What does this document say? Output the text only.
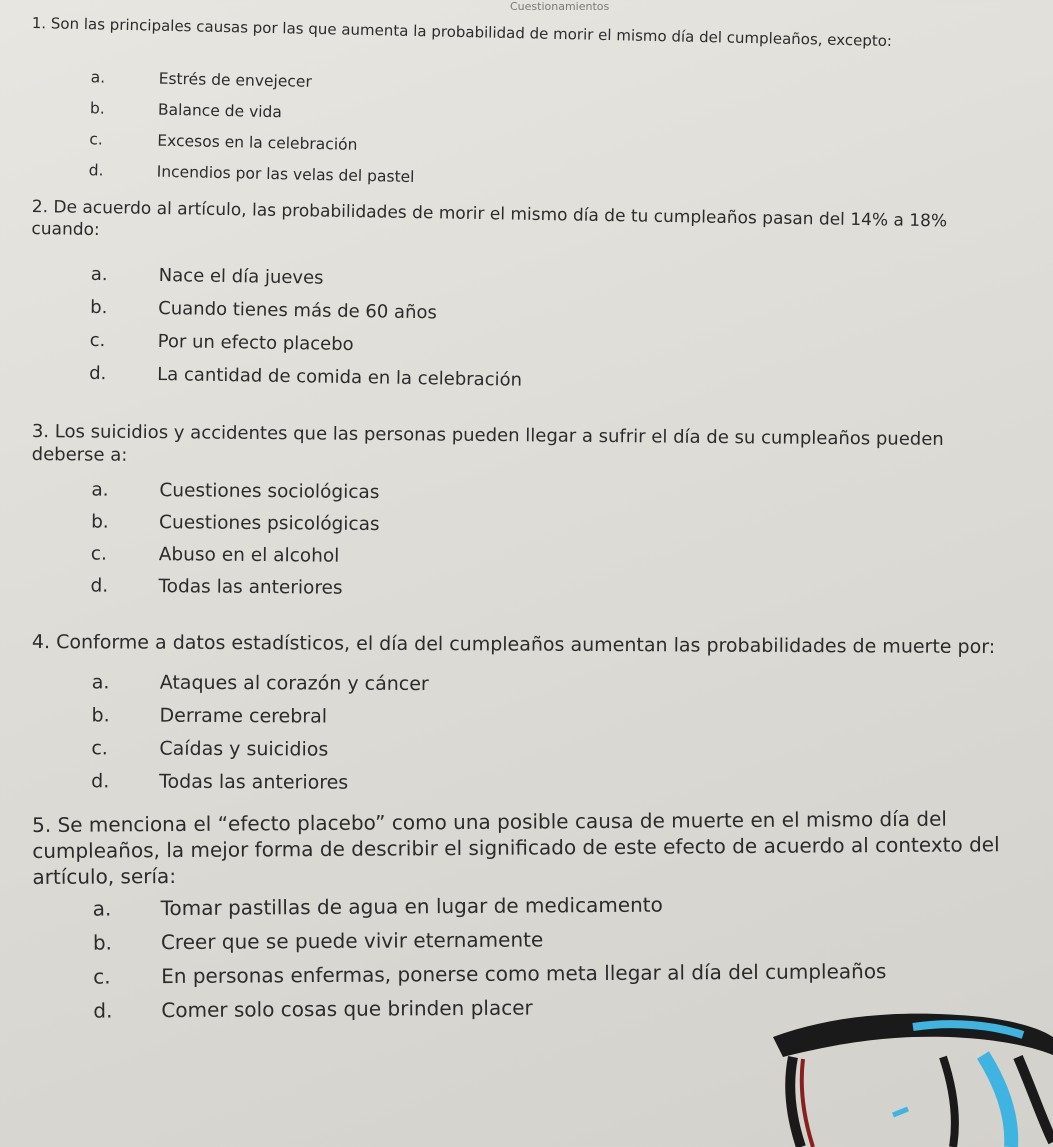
Cuestionamientos

1. Son las principales causas por las que aumenta la probabilidad de morir el mismo día del cumpleaños, excepto:

a.	Estrés de envejecer
b.	Balance de vida
c.	Excesos en la celebración
d.	Incendios por las velas del pastel

2. De acuerdo al artículo, las probabilidades de morir el mismo día de tu cumpleaños pasan del 14% a 18% cuando:

a.	Nace el día jueves
b.	Cuando tienes más de 60 años
c.	Por un efecto placebo
d.	La cantidad de comida en la celebración

3. Los suicidios y accidentes que las personas pueden llegar a sufrir el día de su cumpleaños pueden deberse a:

a.	Cuestiones sociológicas
b.	Cuestiones psicológicas
c.	Abuso en el alcohol
d.	Todas las anteriores

4. Conforme a datos estadísticos, el día del cumpleaños aumentan las probabilidades de muerte por:

a.	Ataques al corazón y cáncer
b.	Derrame cerebral
c.	Caídas y suicidios
d.	Todas las anteriores

5. Se menciona el “efecto placebo” como una posible causa de muerte en el mismo día del cumpleaños, la mejor forma de describir el significado de este efecto de acuerdo al contexto del artículo, sería:

a.	Tomar pastillas de agua en lugar de medicamento
b.	Creer que se puede vivir eternamente
c.	En personas enfermas, ponerse como meta llegar al día del cumpleaños
d.	Comer solo cosas que brinden placer
